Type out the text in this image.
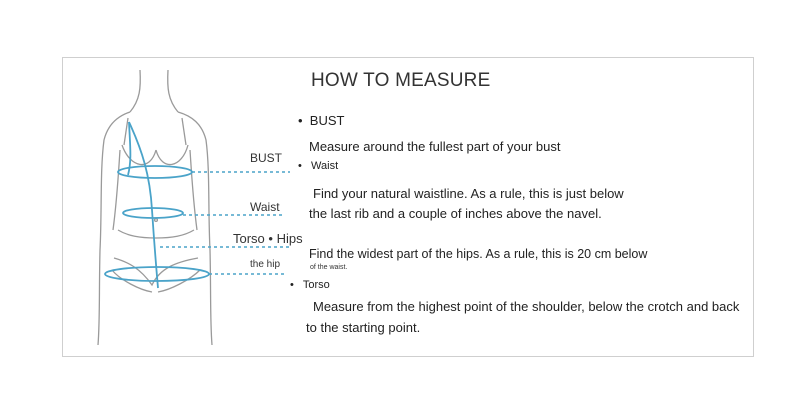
BUST
Waist
Torso • Hips
the hip
HOW TO MEASURE
• BUST
Measure around the fullest part of your bust
• Waist
Find your natural waistline. As a rule, this is just below
the last rib and a couple of inches above the navel.
Find the widest part of the hips. As a rule, this is 20 cm below
of the waist.
• Torso
Measure from the highest point of the shoulder, below the crotch and back
to the starting point.
